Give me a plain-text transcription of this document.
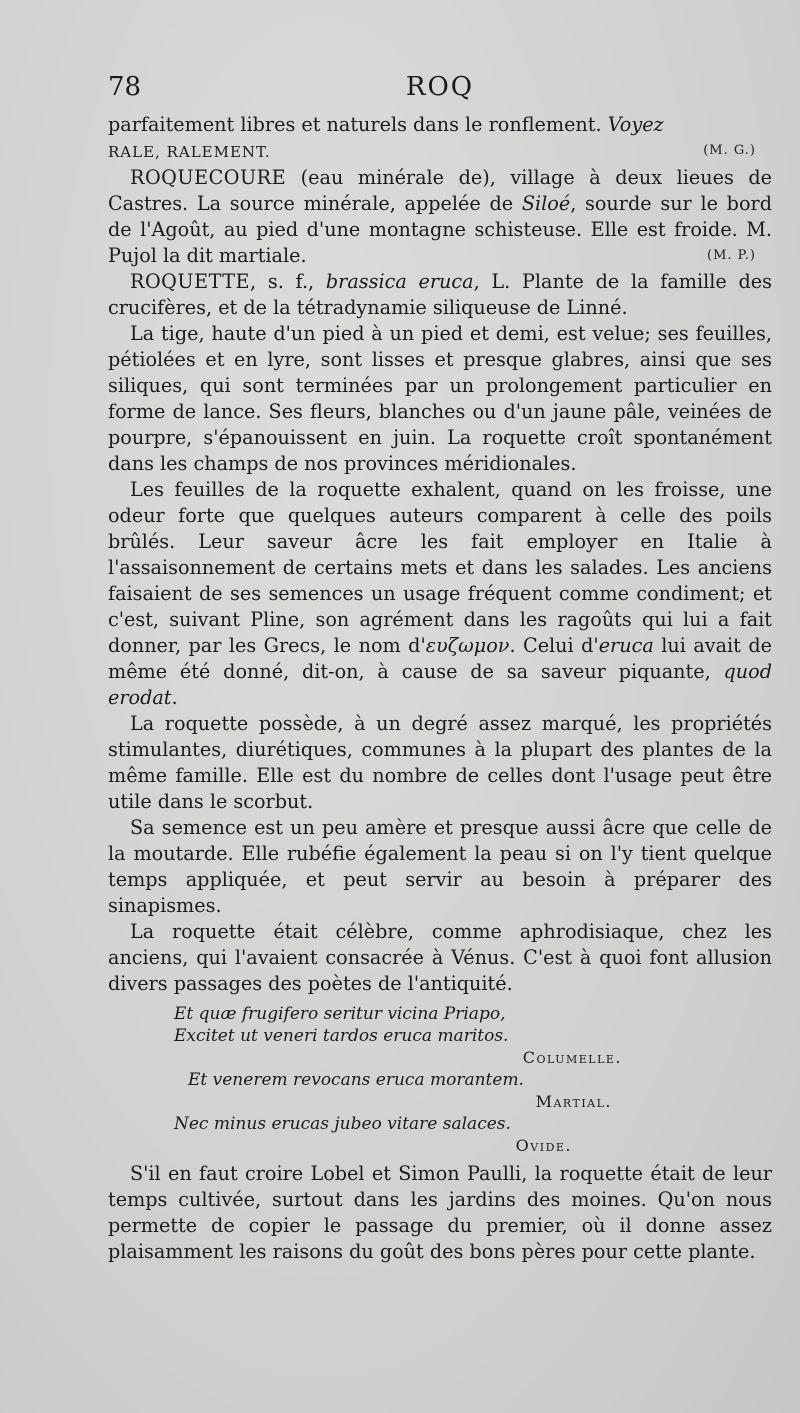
78	ROQ

parfaitement libres et naturels dans le ronflement. Voyez
RALE, RALEMENT.	(M. G.)

ROQUECOURE (eau minérale de), village à deux lieues de Castres. La source minérale, appelée de Siloé, sourde sur le bord de l'Agoût, au pied d'une montagne schisteuse. Elle est froide. M. Pujol la dit martiale.	(M. P.)

ROQUETTE, s. f., brassica eruca, L. Plante de la famille des crucifères, et de la tétradynamie siliqueuse de Linné.

La tige, haute d'un pied à un pied et demi, est velue; ses feuilles, pétiolées et en lyre, sont lisses et presque glabres, ainsi que ses siliques, qui sont terminées par un prolongement particulier en forme de lance. Ses fleurs, blanches ou d'un jaune pâle, veinées de pourpre, s'épanouissent en juin. La roquette croît spontanément dans les champs de nos provinces méridionales.

Les feuilles de la roquette exhalent, quand on les froisse, une odeur forte que quelques auteurs comparent à celle des poils brûlés. Leur saveur âcre les fait employer en Italie à l'assaisonnement de certains mets et dans les salades. Les anciens faisaient de ses semences un usage fréquent comme condiment; et c'est, suivant Pline, son agrément dans les ragoûts qui lui a fait donner, par les Grecs, le nom d'ευζωμον. Celui d'eruca lui avait de même été donné, dit-on, à cause de sa saveur piquante, quod erodat.

La roquette possède, à un degré assez marqué, les propriétés stimulantes, diurétiques, communes à la plupart des plantes de la même famille. Elle est du nombre de celles dont l'usage peut être utile dans le scorbut.

Sa semence est un peu amère et presque aussi âcre que celle de la moutarde. Elle rubéfie également la peau si on l'y tient quelque temps appliquée, et peut servir au besoin à préparer des sinapismes.

La roquette était célèbre, comme aphrodisiaque, chez les anciens, qui l'avaient consacrée à Vénus. C'est à quoi font allusion divers passages des poètes de l'antiquité.

Et quæ frugifero seritur vicina Priapo,
Excitet ut veneri tardos eruca maritos.
Columelle.
Et venerem revocans eruca morantem.
Martial.
Nec minus erucas jubeo vitare salaces.
Ovide.

S'il en faut croire Lobel et Simon Paulli, la roquette était de leur temps cultivée, surtout dans les jardins des moines. Qu'on nous permette de copier le passage du premier, où il donne assez plaisamment les raisons du goût des bons pères pour cette plante.
